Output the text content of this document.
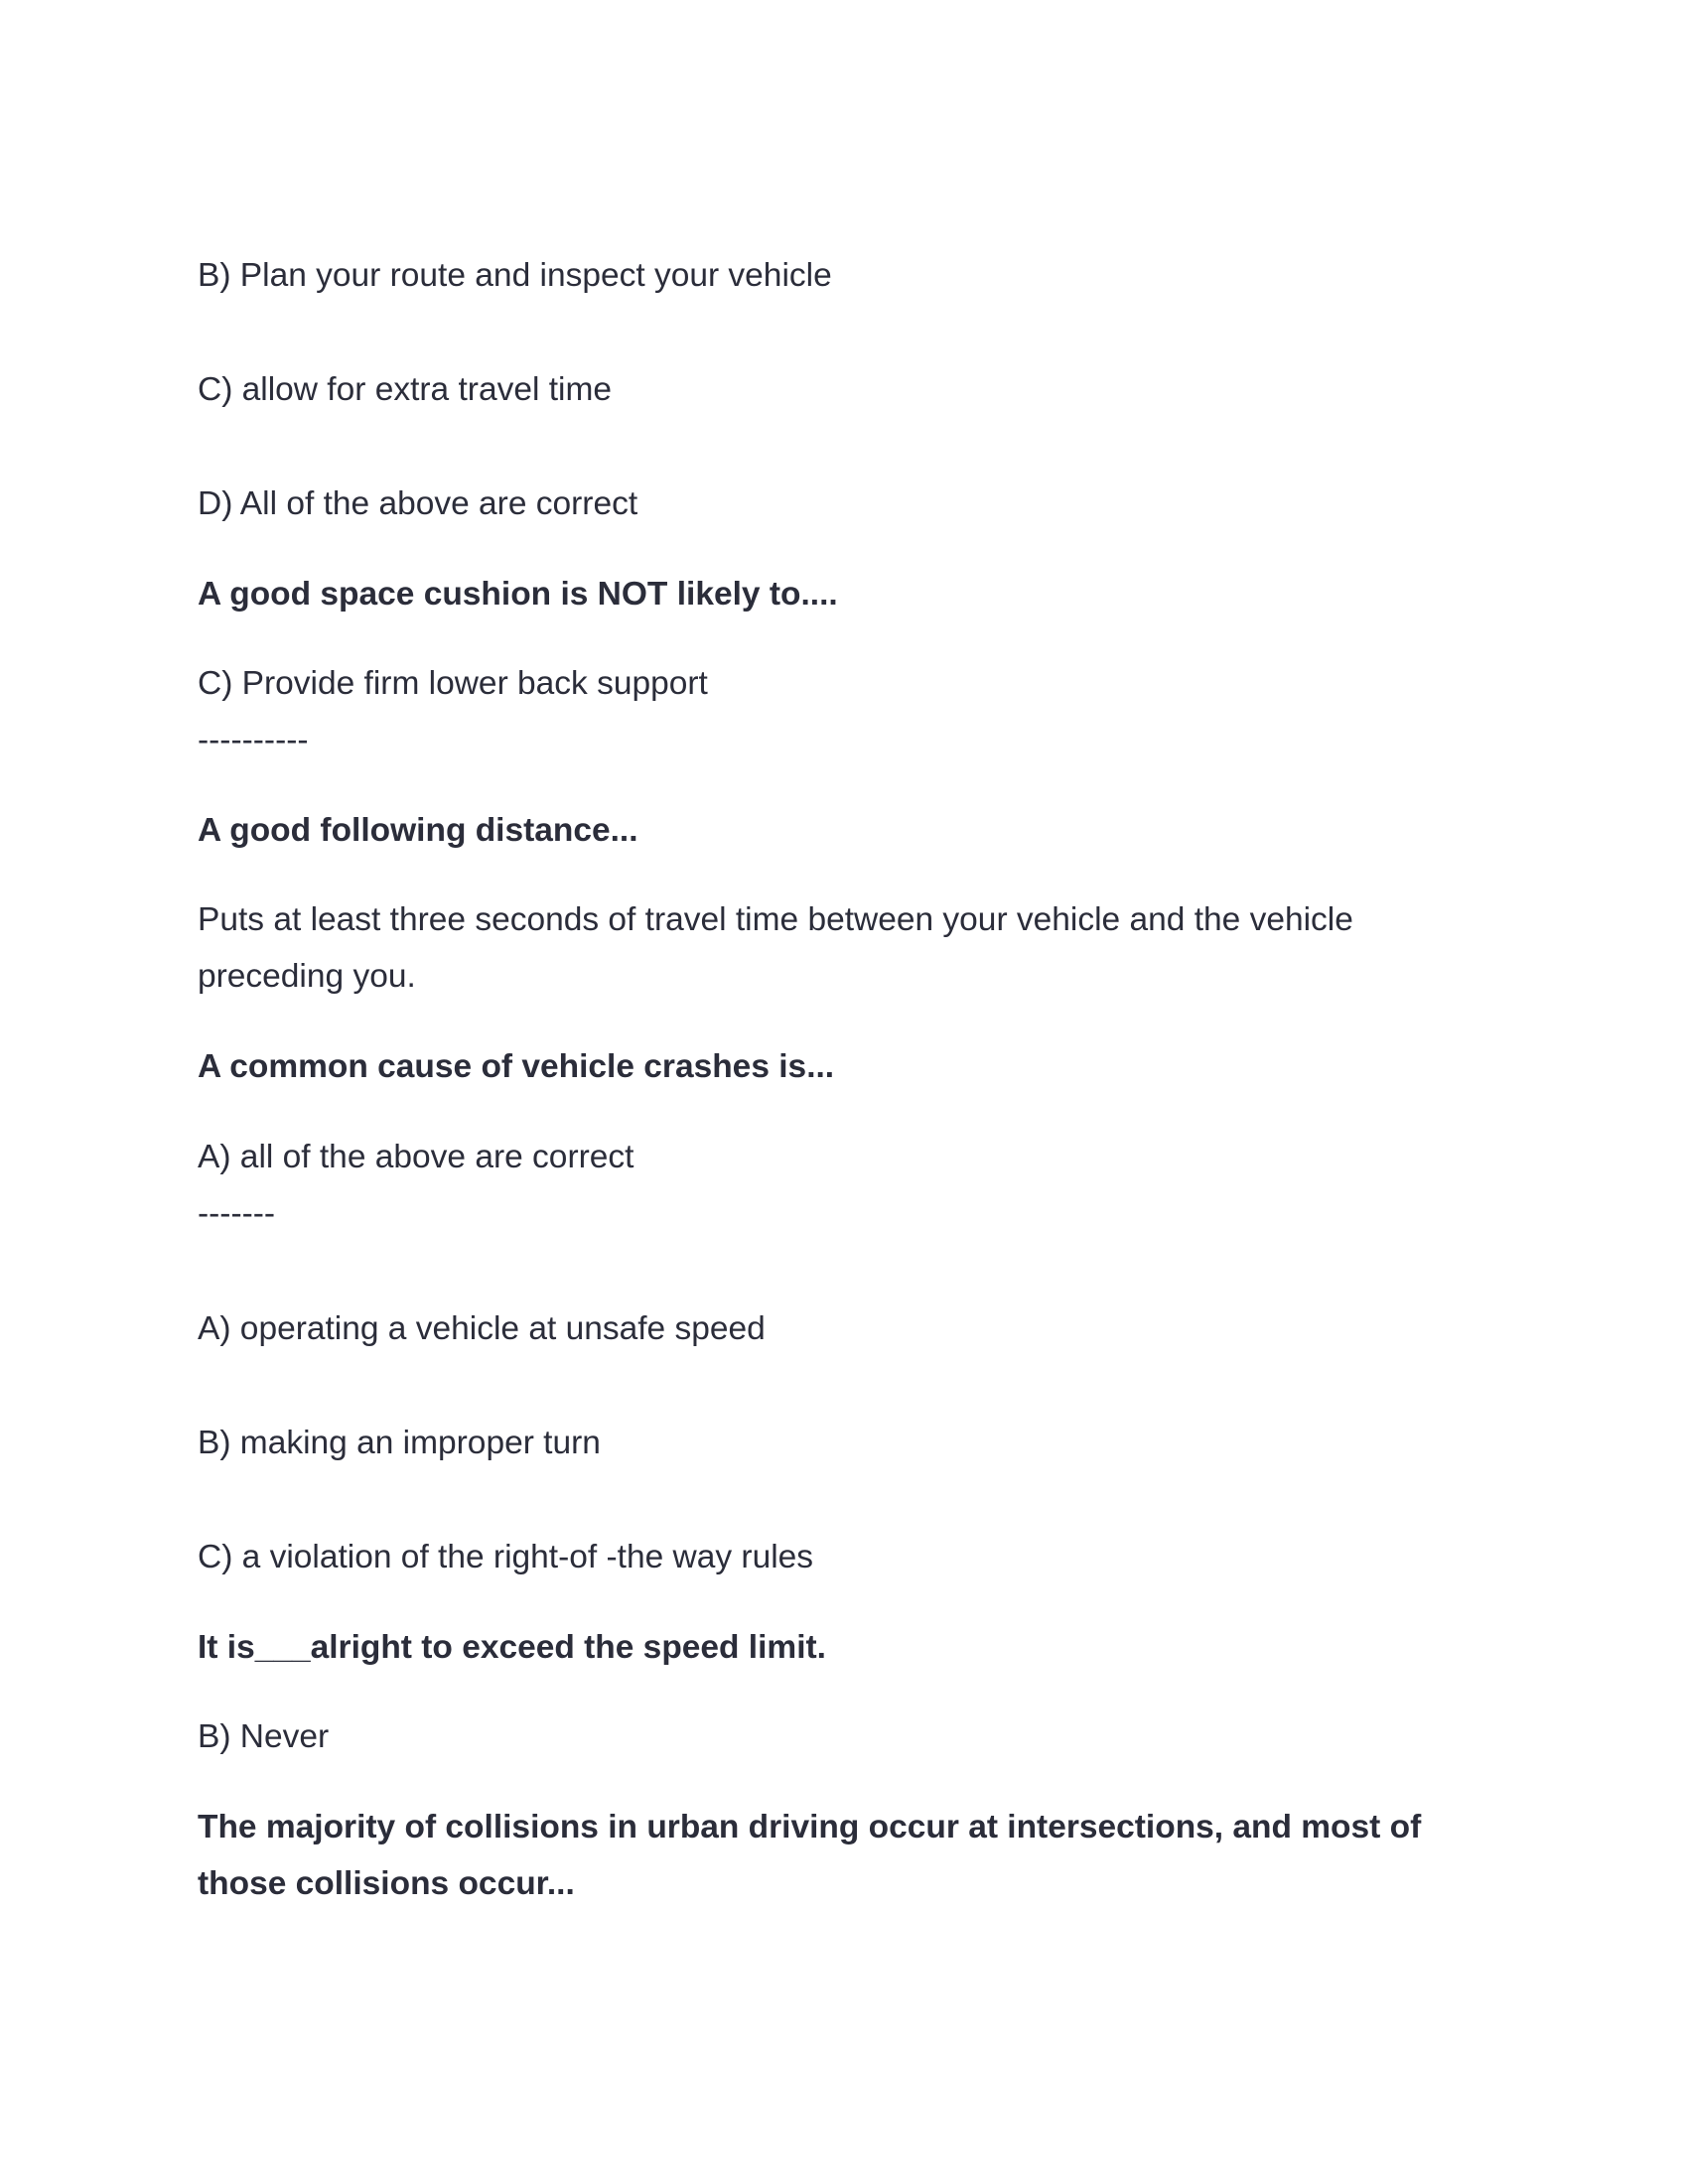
B) Plan your route and inspect your vehicle

C) allow for extra travel time

D) All of the above are correct

A good space cushion is NOT likely to....

C) Provide firm lower back support

----------

A good following distance...

Puts at least three seconds of travel time between your vehicle and the vehicle preceding you.

A common cause of vehicle crashes is...

A) all of the above are correct

-------

A) operating a vehicle at unsafe speed

B) making an improper turn

C) a violation of the right-of -the way rules

It is___alright to exceed the speed limit.

B) Never

The majority of collisions in urban driving occur at intersections, and most of those collisions occur...
